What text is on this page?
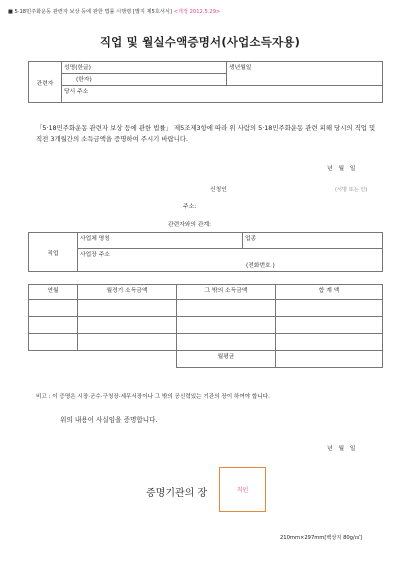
■ 5·18민주화운동 관련자 보상 등에 관한 법률 시행령 [별지 제5호서식] <개정 2012.5.29>
직업 및 월실수액증명서(사업소득자용)
관련자	성명(한글)	생년월일
(한자)
당시 주소
「5·18민주화운동 관련자 보상 등에 관한 법률」 제5조제3항에 따라 위 사람의 5·18민주화운동 관련 피해 당시의 직업 및 직전 3개월간의 소득금액을 증명하여 주시기 바랍니다.
년 월 일
신청인	(서명 또는 인)
주소:
관련자와의 관계:
직업	사업체 명칭	업종
사업장 주소
(전화번호 )
연월	월정기 소득금액	그 밖의 소득금액	합 계 액

		월평균	
비고 : 이 증명은 시장·군수·구청장·세무서장이나 그 밖의 공신력있는 기관의 장이 하여야 합니다.
위의 내용이 사실임을 증명합니다.
년 월 일
증명기관의 장	직인
210mm×297mm[백상지 80g/㎡]
